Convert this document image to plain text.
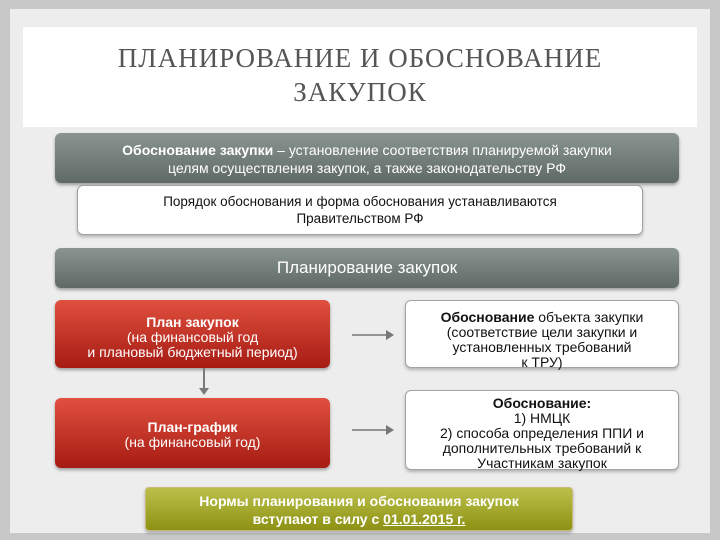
ПЛАНИРОВАНИЕ И ОБОСНОВАНИЕ
ЗАКУПОК
Обоснование закупки – установление соответствия планируемой закупки
целям осуществления закупок, а также законодательству РФ
Порядок обоснования и форма обоснования устанавливаются
Правительством РФ
Планирование закупок
План закупок
(на финансовый год
и плановый бюджетный период)
План-график
(на финансовый год)
Обоснование объекта закупки
(соответствие цели закупки и
установленных требований
к ТРУ)
Обоснование:
1) НМЦК
2) способа определения ППИ и
дополнительных требований к
Участникам закупок
Нормы планирования и обоснования закупок
вступают в силу с 01.01.2015 г.
